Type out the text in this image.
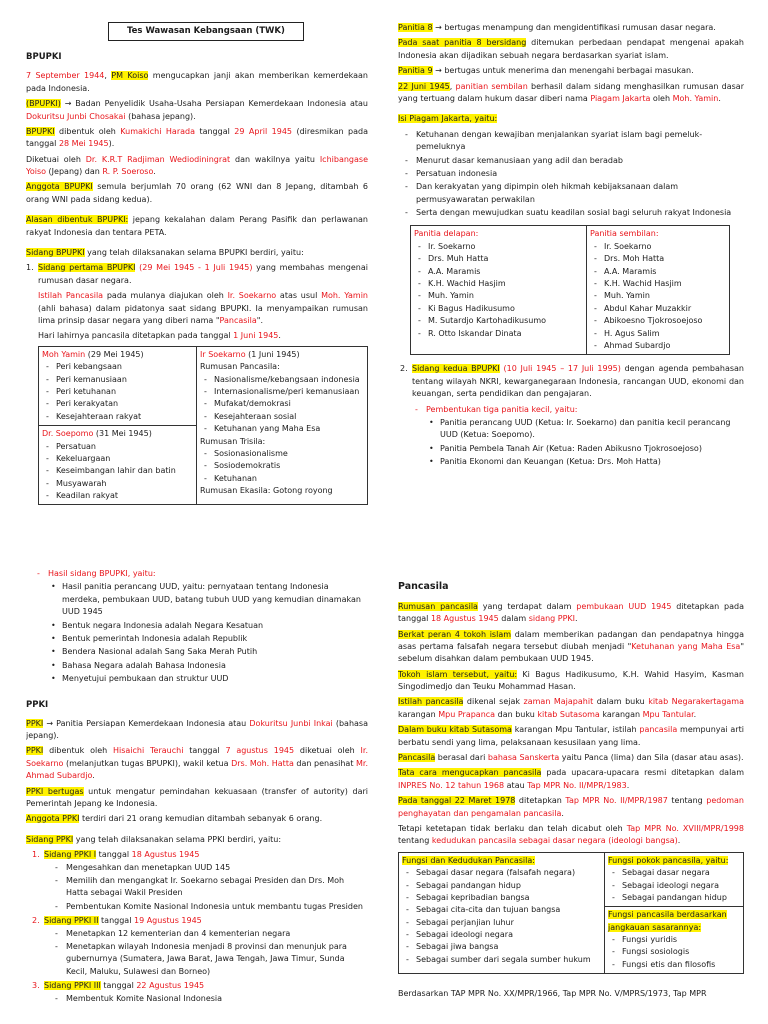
Tes Wawasan Kebangsaan (TWK)
BPUPKI

7 September 1944, PM Koiso mengucapkan janji akan memberikan kemerdekaan pada Indonesia.

(BPUPKI) → Badan Penyelidik Usaha-Usaha Persiapan Kemerdekaan Indonesia atau Dokuritsu Junbi Chosakai (bahasa jepang).

BPUPKI dibentuk oleh Kumakichi Harada tanggal 29 April 1945 (diresmikan pada tanggal 28 Mei 1945).

Diketuai oleh Dr. K.R.T Radjiman Wediodiningrat dan wakilnya yaitu Ichibangase Yoiso (Jepang) dan R. P. Soeroso.

Anggota BPUPKI semula berjumlah 70 orang (62 WNI dan 8 Jepang, ditambah 6 orang WNI pada sidang kedua).

Alasan dibentuk BPUPKI: jepang kekalahan dalam Perang Pasifik dan perlawanan rakyat Indonesia dan tentara PETA.

Sidang BPUPKI yang telah dilaksanakan selama BPUPKI berdiri, yaitu:

1. Sidang pertama BPUPKI (29 Mei 1945 - 1 Juli 1945) yang membahas mengenai rumusan dasar negara.

Istilah Pancasila pada mulanya diajukan oleh Ir. Soekarno atas usul Moh. Yamin (ahli bahasa) dalam pidatonya saat sidang BPUPKI. Ia menyampaikan rumusan lima prinsip dasar negara yang diberi nama "Pancasila".

Hari lahirnya pancasila ditetapkan pada tanggal 1 Juni 1945.

Moh Yamin (29 Mei 1945)
- Peri kebangsaan
- Peri kemanusiaan
- Peri ketuhanan
- Peri kerakyatan
- Kesejahteraan rakyat

Ir Soekarno (1 Juni 1945)
Rumusan Pancasila:
- Nasionalisme/kebangsaan indonesia
- Internasionalisme/peri kemanusiaan
- Mufakat/demokrasi
- Kesejahteraan sosial
- Ketuhanan yang Maha Esa
Rumusan Trisila:
- Sosionasionalisme
- Sosiodemokratis
- Ketuhanan
Rumusan Ekasila: Gotong royong

Dr. Soepomo (31 Mei 1945)
- Persatuan
- Kekeluargaan
- Keseimbangan lahir dan batin
- Musyawarah
- Keadilan rakyat

Panitia 8 → bertugas menampung dan mengidentifikasi rumusan dasar negara.

Pada saat panitia 8 bersidang ditemukan perbedaan pendapat mengenai apakah Indonesia akan dijadikan sebuah negara berdasarkan syariat islam.

Panitia 9 → bertugas untuk menerima dan menengahi berbagai masukan.

22 Juni 1945, panitian sembilan berhasil dalam sidang menghasilkan rumusan dasar yang tertuang dalam hukum dasar diberi nama Piagam Jakarta oleh Moh. Yamin.

Isi Piagam Jakarta, yaitu:

- Ketuhanan dengan kewajiban menjalankan syariat islam bagi pemeluk-pemeluknya
- Menurut dasar kemanusiaan yang adil dan beradab
- Persatuan indonesia
- Dan kerakyatan yang dipimpin oleh hikmah kebijaksanaan dalam permusyawaratan perwakilan
- Serta dengan mewujudkan suatu keadilan sosial bagi seluruh rakyat Indonesia
Panitia delapan:
- Ir. Soekarno
- Drs. Muh Hatta
- A.A. Maramis
- K.H. Wachid Hasjim
- Muh. Yamin
- Ki Bagus Hadikusumo
- M. Sutardjo Kartohadikusumo
- R. Otto Iskandar Dinata

Panitia sembilan:
- Ir. Soekarno
- Drs. Moh Hatta
- A.A. Maramis
- K.H. Wachid Hasjim
- Muh. Yamin
- Abdul Kahar Muzakkir
- Abikoesno Tjokrosoejoso
- H. Agus Salim
- Ahmad Subardjo
2. Sidang kedua BPUPKI (10 Juli 1945 – 17 Juli 1995) dengan agenda pembahasan tentang wilayah NKRI, kewarganegaraan Indonesia, rancangan UUD, ekonomi dan keuangan, serta pendidikan dan pengajaran.

- Pembentukan tiga panitia kecil, yaitu:
• Panitia perancang UUD (Ketua: Ir. Soekarno) dan panitia kecil perancang UUD (Ketua: Soepomo).
• Panitia Pembela Tanah Air (Ketua: Raden Abikusno Tjokrosoejoso)
• Panitia Ekonomi dan Keuangan (Ketua: Drs. Moh Hatta)
- Hasil sidang BPUPKI, yaitu:
• Hasil panitia perancang UUD, yaitu: pernyataan tentang Indonesia merdeka, pembukaan UUD, batang tubuh UUD yang kemudian dinamakan UUD 1945
• Bentuk negara Indonesia adalah Negara Kesatuan
• Bentuk pemerintah Indonesia adalah Republik
• Bendera Nasional adalah Sang Saka Merah Putih
• Bahasa Negara adalah Bahasa Indonesia
• Menyetujui pembukaan dan struktur UUD
PPKI

PPKI → Panitia Persiapan Kemerdekaan Indonesia atau Dokuritsu Junbi Inkai (bahasa jepang).

PPKI dibentuk oleh Hisaichi Terauchi tanggal 7 agustus 1945 diketuai oleh Ir. Soekarno (melanjutkan tugas BPUPKI), wakil ketua Drs. Moh. Hatta dan penasihat Mr. Ahmad Subardjo.

PPKI bertugas untuk mengatur pemindahan kekuasaan (transfer of autority) dari Pemerintah Jepang ke Indonesia.

Anggota PPKI terdiri dari 21 orang kemudian ditambah sebanyak 6 orang.

Sidang PPKI yang telah dilaksanakan selama PPKI berdiri, yaitu:

1. Sidang PPKI I tanggal 18 Agustus 1945
- Mengesahkan dan menetapkan UUD 145
- Memilih dan mengangkat Ir. Soekarno sebagai Presiden dan Drs. Moh Hatta sebagai Wakil Presiden
- Pembentukan Komite Nasional Indonesia untuk membantu tugas Presiden
2. Sidang PPKI II tanggal 19 Agustus 1945
- Menetapkan 12 kementerian dan 4 kementerian negara
- Menetapkan wilayah Indonesia menjadi 8 provinsi dan menunjuk para gubernurnya (Sumatera, Jawa Barat, Jawa Tengah, Jawa Timur, Sunda Kecil, Maluku, Sulawesi dan Borneo)
3. Sidang PPKI III tanggal 22 Agustus 1945
- Membentuk Komite Nasional Indonesia
Pancasila

Rumusan pancasila yang terdapat dalam pembukaan UUD 1945 ditetapkan pada tanggal 18 Agustus 1945 dalam sidang PPKI.

Berkat peran 4 tokoh islam dalam memberikan padangan dan pendapatnya hingga asas pertama falsafah negara tersebut diubah menjadi "Ketuhanan yang Maha Esa" sebelum disahkan dalam pembukaan UUD 1945.

Tokoh islam tersebut, yaitu: Ki Bagus Hadikusumo, K.H. Wahid Hasyim, Kasman Singodimedjo dan Teuku Mohammad Hasan.

Istilah pancasila dikenal sejak zaman Majapahit dalam buku kitab Negarakertagama karangan Mpu Prapanca dan buku kitab Sutasoma karangan Mpu Tantular.

Dalam buku kitab Sutasoma karangan Mpu Tantular, istilah pancasila mempunyai arti berbatu sendi yang lima, pelaksanaan kesusilaan yang lima.

Pancasila berasal dari bahasa Sanskerta yaitu Panca (lima) dan Sila (dasar atau asas).

Tata cara mengucapkan pancasila pada upacara-upacara resmi ditetapkan dalam INPRES No. 12 tahun 1968 atau Tap MPR No. II/MPR/1983.

Pada tanggal 22 Maret 1978 ditetapkan Tap MPR No. II/MPR/1987 tentang pedoman penghayatan dan pengamalan pancasila.

Tetapi ketetapan tidak berlaku dan telah dicabut oleh Tap MPR No. XVIII/MPR/1998 tentang kedudukan pancasila sebagai dasar negara (ideologi bangsa).

Fungsi dan Kedudukan Pancasila:
- Sebagai dasar negara (falsafah negara)
- Sebagai pandangan hidup
- Sebagai kepribadian bangsa
- Sebagai cita-cita dan tujuan bangsa
- Sebagai perjanjian luhur
- Sebagai ideologi negara
- Sebagai jiwa bangsa
- Sebagai sumber dari segala sumber hukum
	Fungsi pokok pancasila, yaitu:
- Sebagai dasar negara
- Sebagai ideologi negara
- Sebagai pandangan hidup

Fungsi pancasila berdasarkan jangkauan sasarannya:
- Fungsi yuridis
- Fungsi sosiologis
- Fungsi etis dan filosofis

Berdasarkan TAP MPR No. XX/MPR/1966, Tap MPR No. V/MPRS/1973, Tap MPR
